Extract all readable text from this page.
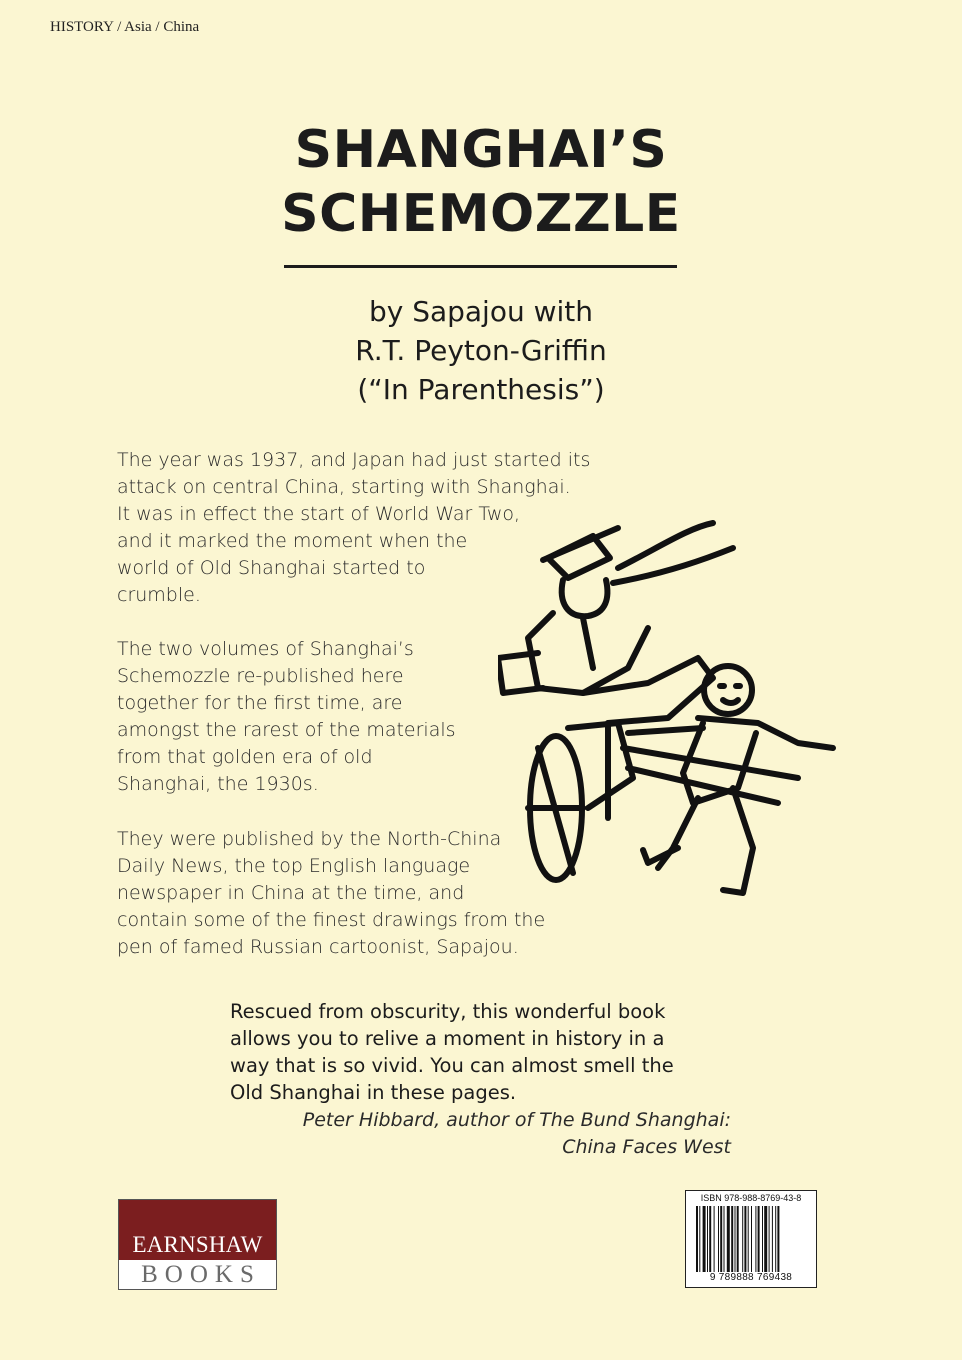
HISTORY / Asia / China
SHANGHAI’S
SCHEMOZZLE
by Sapajou with
R.T. Peyton-Griffin
(“In Parenthesis”)
The year was 1937, and Japan had just started its
attack on central China, starting with Shanghai.
It was in effect the start of World War Two,
and it marked the moment when the
world of Old Shanghai started to
crumble.
The two volumes of Shanghai’s
Schemozzle re-published here
together for the first time, are
amongst the rarest of the materials
from that golden era of old
Shanghai, the 1930s.
They were published by the North-China
Daily News, the top English language
newspaper in China at the time, and
contain some of the finest drawings from the
pen of famed Russian cartoonist, Sapajou.
Rescued from obscurity, this wonderful book
allows you to relive a moment in history in a
way that is so vivid. You can almost smell the
Old Shanghai in these pages.
Peter Hibbard, author of The Bund Shanghai:
China Faces West
EARNSHAW
BOOKS
ISBN 978-988-8769-43-8
9 789888 769438
